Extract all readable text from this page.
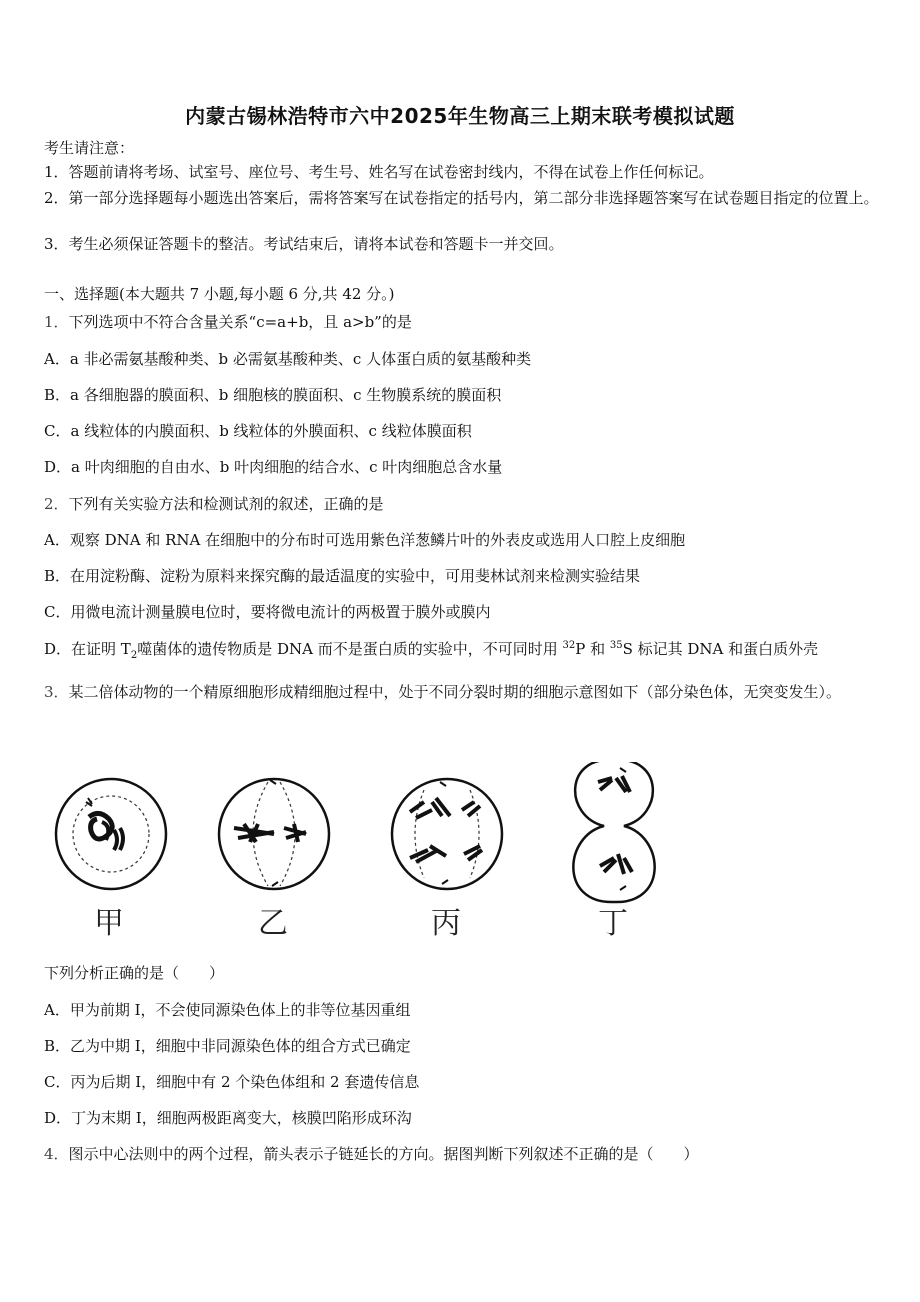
内蒙古锡林浩特市六中2025年生物高三上期末联考模拟试题
考生请注意：
1．答题前请将考场、试室号、座位号、考生号、姓名写在试卷密封线内，不得在试卷上作任何标记。
2．第一部分选择题每小题选出答案后，需将答案写在试卷指定的括号内，第二部分非选择题答案写在试卷题目指定的位置上。
3．考生必须保证答题卡的整洁。考试结束后，请将本试卷和答题卡一并交回。
一、选择题(本大题共 7 小题,每小题 6 分,共 42 分。)
1．下列选项中不符合含量关系“c=a+b，且 a>b”的是
A．a 非必需氨基酸种类、b 必需氨基酸种类、c 人体蛋白质的氨基酸种类
B．a 各细胞器的膜面积、b 细胞核的膜面积、c 生物膜系统的膜面积
C．a 线粒体的内膜面积、b 线粒体的外膜面积、c 线粒体膜面积
D．a 叶肉细胞的自由水、b 叶肉细胞的结合水、c 叶肉细胞总含水量
2．下列有关实验方法和检测试剂的叙述，正确的是
A．观察 DNA 和 RNA 在细胞中的分布时可选用紫色洋葱鳞片叶的外表皮或选用人口腔上皮细胞
B．在用淀粉酶、淀粉为原料来探究酶的最适温度的实验中，可用斐林试剂来检测实验结果
C．用微电流计测量膜电位时，要将微电流计的两极置于膜外或膜内
D．在证明 $T_2$噬菌体的遗传物质是 DNA 而不是蛋白质的实验中，不可同时用 $^{32}$P 和 $^{35}$S 标记其 DNA 和蛋白质外壳
3．某二倍体动物的一个精原细胞形成精细胞过程中，处于不同分裂时期的细胞示意图如下（部分染色体，无突变发生）。
甲	乙	丙	丁
下列分析正确的是（　　）
A．甲为前期 I，不会使同源染色体上的非等位基因重组
B．乙为中期 I，细胞中非同源染色体的组合方式已确定
C．丙为后期 I，细胞中有 2 个染色体组和 2 套遗传信息
D．丁为末期 I，细胞两极距离变大，核膜凹陷形成环沟
4．图示中心法则中的两个过程，箭头表示子链延长的方向。据图判断下列叙述不正确的是（　　）
